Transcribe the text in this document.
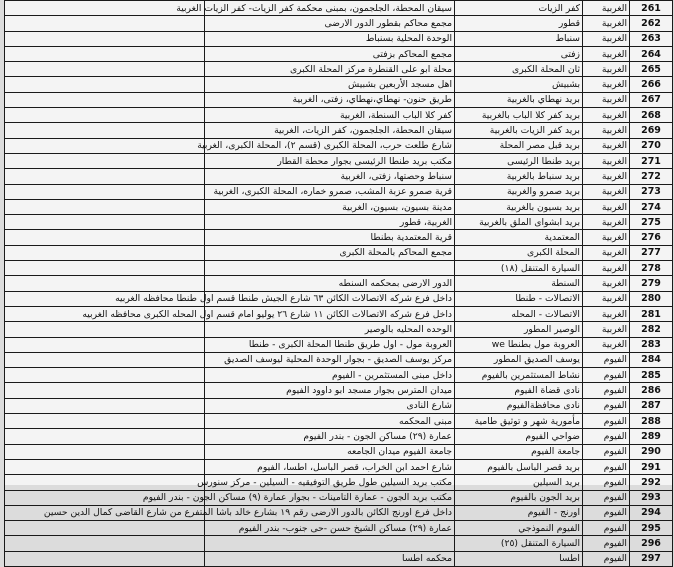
261	الغربية	كفر الزيات	سيقان المحطة، الجلجمون، بمبنى محكمة كفر الزيات- كفر الزيات الغربية	
262	الغربية	قطور	مجمع محاكم بقطور الدور الارضى	
263	الغربية	سنباط	الوحدة المحلية بسنباط	
264	الغربية	زفتى	مجمع المحاكم بزفتى	
265	الغربية	ثان المحلة الكبرى	محلة ابو على القنطرة مركز المحلة الكبرى	
266	الغربية	بشبيش	اهل مسجد الأربعين بشبيش	
267	الغربية	بريد نهطاي بالغربية	طريق حنون- نهطاي،نهطاي، زفتى، الغربية	
268	الغربية	بريد كفر كلا الباب بالغربية	كفر كلا الباب السنطة، الغربية	
269	الغربية	بريد كفر الزيات بالغربية	سيقان المحطة، الجلجمون، كفر الزيات، الغربية	
270	الغربية	بريد قبل مصر المحلة	شارع طلعت حرب، المحلة الكبرى (قسم ٢)، المحلة الكبرى، الغربية	
271	الغربية	بريد طنطا الرئيسى	مكتب بريد طنطا الرئيسى بجوار محطة القطار	
272	الغربية	بريد سنباط بالغربية	سنباط وحصتها، زفتى، الغربية	
273	الغربية	بريد صمرو والغربية	قرية صمرو عزبة المشب، صمرو خماره، المحلة الكبرى، الغربية	
274	الغربية	بريد بسيون بالغربية	مدينة بسيون، بسيون، الغربية	
275	الغربية	بريد ابشواى الملق بالغربية	الغربية، قطور	
276	الغربية	المعتمدية	قرية المعتمدية بطنطا	
277	الغربية	المحلة الكبرى	مجمع المحاكم بالمحلة الكبرى	
278	الغربية	السيارة المتنقل (١٨)		
279	الغربية	السنطة	الدور الارضى بمحكمه السنطه	
280	الغربية	الاتصالات - طنطا	داخل فرع شركه الاتصالات الكائن ٦٣ شارع الجيش طنطا قسم اول طنطا محافظه الغربيه	
281	الغربية	الاتصالات - المحله	داخل فرع شركه الاتصالات الكائن ١١ شارع ٢٦ يوليو امام قسم اول المحله الكبرى محافظه الغربيه	
282	الغربية	الوصير المطور	الوحده المحليه بالوصير	
283	الغربية	العروبة مول بطنطا we	العروبة مول - اول طريق طنطا المحلة الكبرى - طنطا	
284	الفيوم	يوسف الصديق المطور	مركز يوسف الصديق - بجوار الوحدة المحلية ليوسف الصديق	
285	الفيوم	نشاط المستثمرين بالفيوم	داخل مبنى المستثمرين - الفيوم	
286	الفيوم	نادى قضاة الفيوم	ميدان المترس بجوار مسجد ابو داوود الفيوم	
287	الفيوم	نادى محافظةالفيوم	شارع النادى	
288	الفيوم	مأمورية شهر و توثيق طامية	مبنى المحكمه	
289	الفيوم	ضواحي الفيوم	عمارة (٢٩) مساكن الجون - بندر الفيوم	
290	الفيوم	جامعة الفيوم	جامعة الفيوم ميدان الجامعه	
291	الفيوم	بريد قصر الباسل بالفيوم	شارع احمد ابن الخراب، قصر الباسل، اطسا، الفيوم	
292	الفيوم	بريد السيلين	مكتب بريد السيلين طول طريق التوفيقيه - السيلين - مركز سنورس	
293	الفيوم	بريد الجون بالفيوم	مكتب بريد الجون - عمارة التامينات - بجوار عمارة (٩) مساكن الجون - بندر الفيوم	
294	الفيوم	اورنج - الفيوم	داخل فرع اورنج الكائن بالدور الارضى رقم ١٩ بشارع خالد باشا المتفرع من شارع القاضى كمال الدين حسين	
295	الفيوم	الفيوم النموذجي	عمارة (٢٩) مساكن الشيخ حسن -حى جنوب- بندر الفيوم	
296	الفيوم	السيارة المتنقل (٢٥)		
297	الفيوم	اطسا	محكمه اطسا	
